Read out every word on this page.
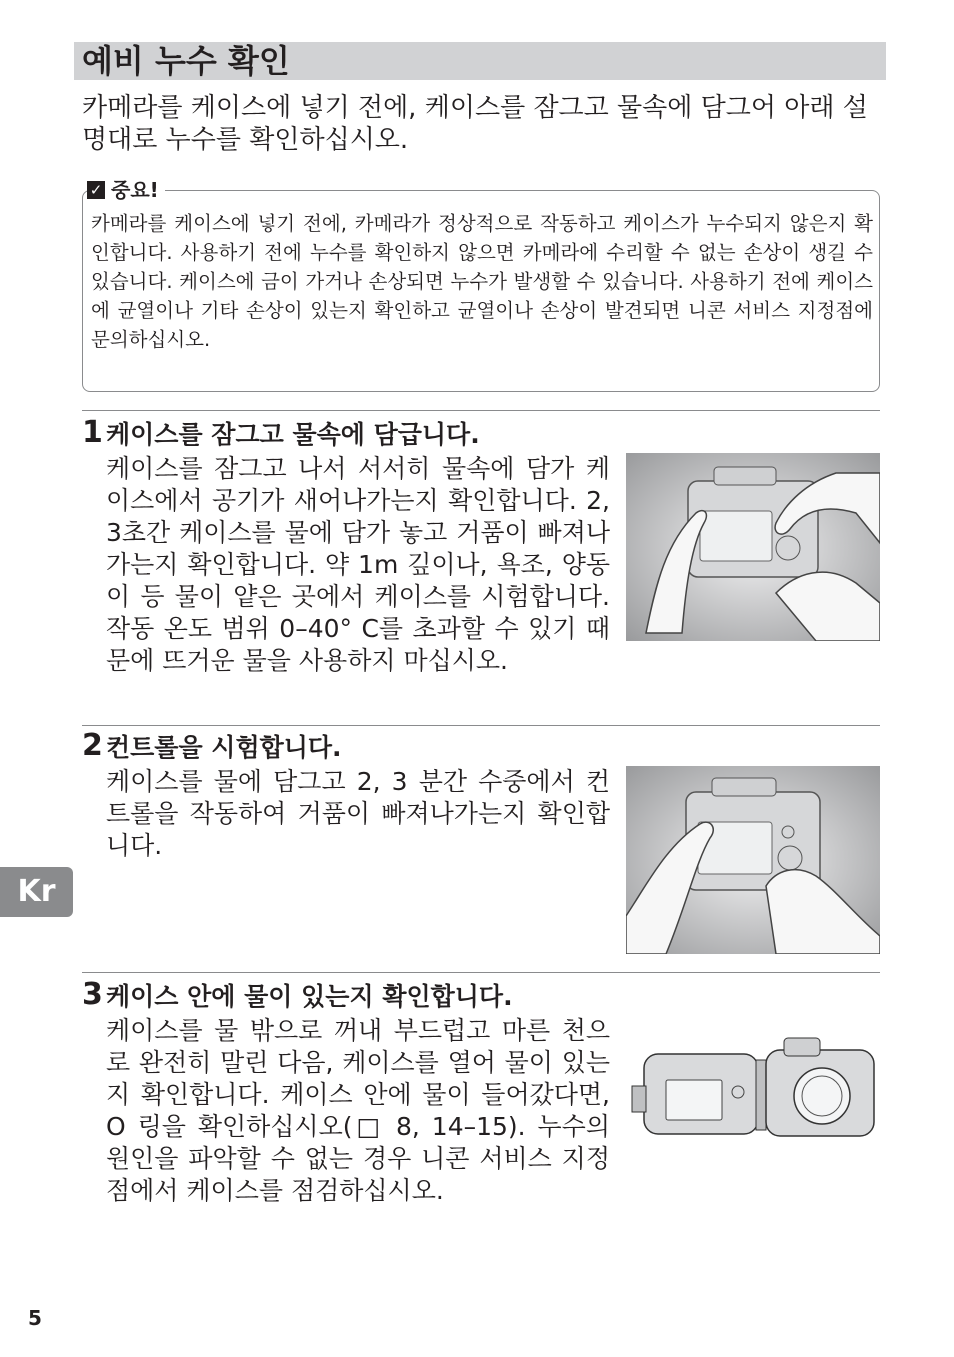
예비 누수 확인

카메라를 케이스에 넣기 전에, 케이스를 잠그고 물속에 담그어 아래 설명대로 누수를 확인하십시오.

✓ 중요!

카메라를 케이스에 넣기 전에, 카메라가 정상적으로 작동하고 케이스가 누수되지 않은지 확인합니다. 사용하기 전에 누수를 확인하지 않으면 카메라에 수리할 수 없는 손상이 생길 수 있습니다. 케이스에 금이 가거나 손상되면 누수가 발생할 수 있습니다. 사용하기 전에 케이스에 균열이나 기타 손상이 있는지 확인하고 균열이나 손상이 발견되면 니콘 서비스 지정점에 문의하십시오.

1 케이스를 잠그고 물속에 담급니다.

케이스를 잠그고 나서 서서히 물속에 담가 케이스에서 공기가 새어나가는지 확인합니다. 2, 3초간 케이스를 물에 담가 놓고 거품이 빠져나가는지 확인합니다. 약 1m 깊이나, 욕조, 양동이 등 물이 얕은 곳에서 케이스를 시험합니다. 작동 온도 범위 0–40° C를 초과할 수 있기 때문에 뜨거운 물을 사용하지 마십시오.

2 컨트롤을 시험합니다.

케이스를 물에 담그고 2, 3 분간 수중에서 컨트롤을 작동하여 거품이 빠져나가는지 확인합니다.

3 케이스 안에 물이 있는지 확인합니다.

케이스를 물 밖으로 꺼내 부드럽고 마른 천으로 완전히 말린 다음, 케이스를 열어 물이 있는지 확인합니다. 케이스 안에 물이 들어갔다면, O 링을 확인하십시오(□ 8, 14–15). 누수의 원인을 파악할 수 없는 경우 니콘 서비스 지정점에서 케이스를 점검하십시오.

Kr
5
